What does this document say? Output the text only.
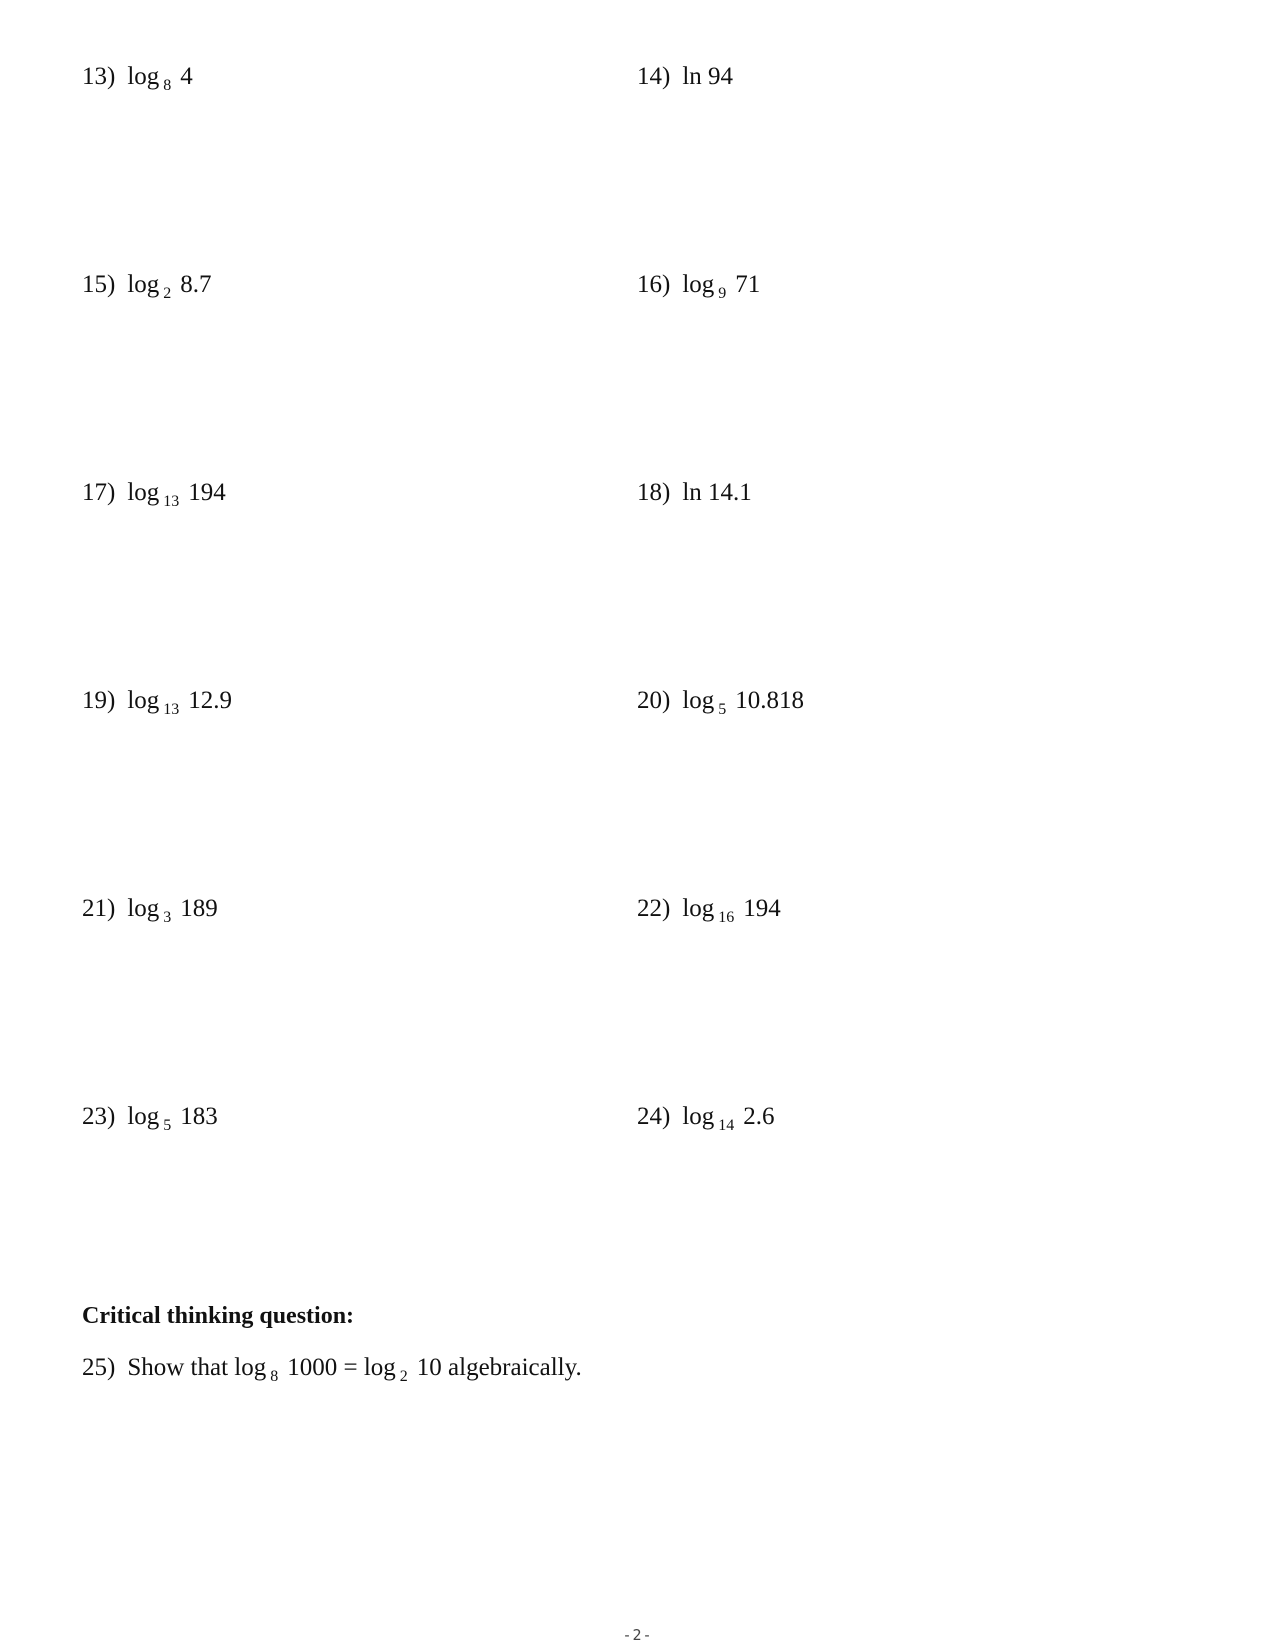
13) log $_8$ 4	14) ln 94
15) log $_2$ 8.7	16) log $_9$ 71
17) log $_{13}$ 194	18) ln 14.1
19) log $_{13}$ 12.9	20) log $_5$ 10.818
21) log $_3$ 189	22) log $_{16}$ 194
23) log $_5$ 183	24) log $_{14}$ 2.6
Critical thinking question:
25) Show that log $_8$ 1000 = log $_2$ 10 algebraically.
-2-
